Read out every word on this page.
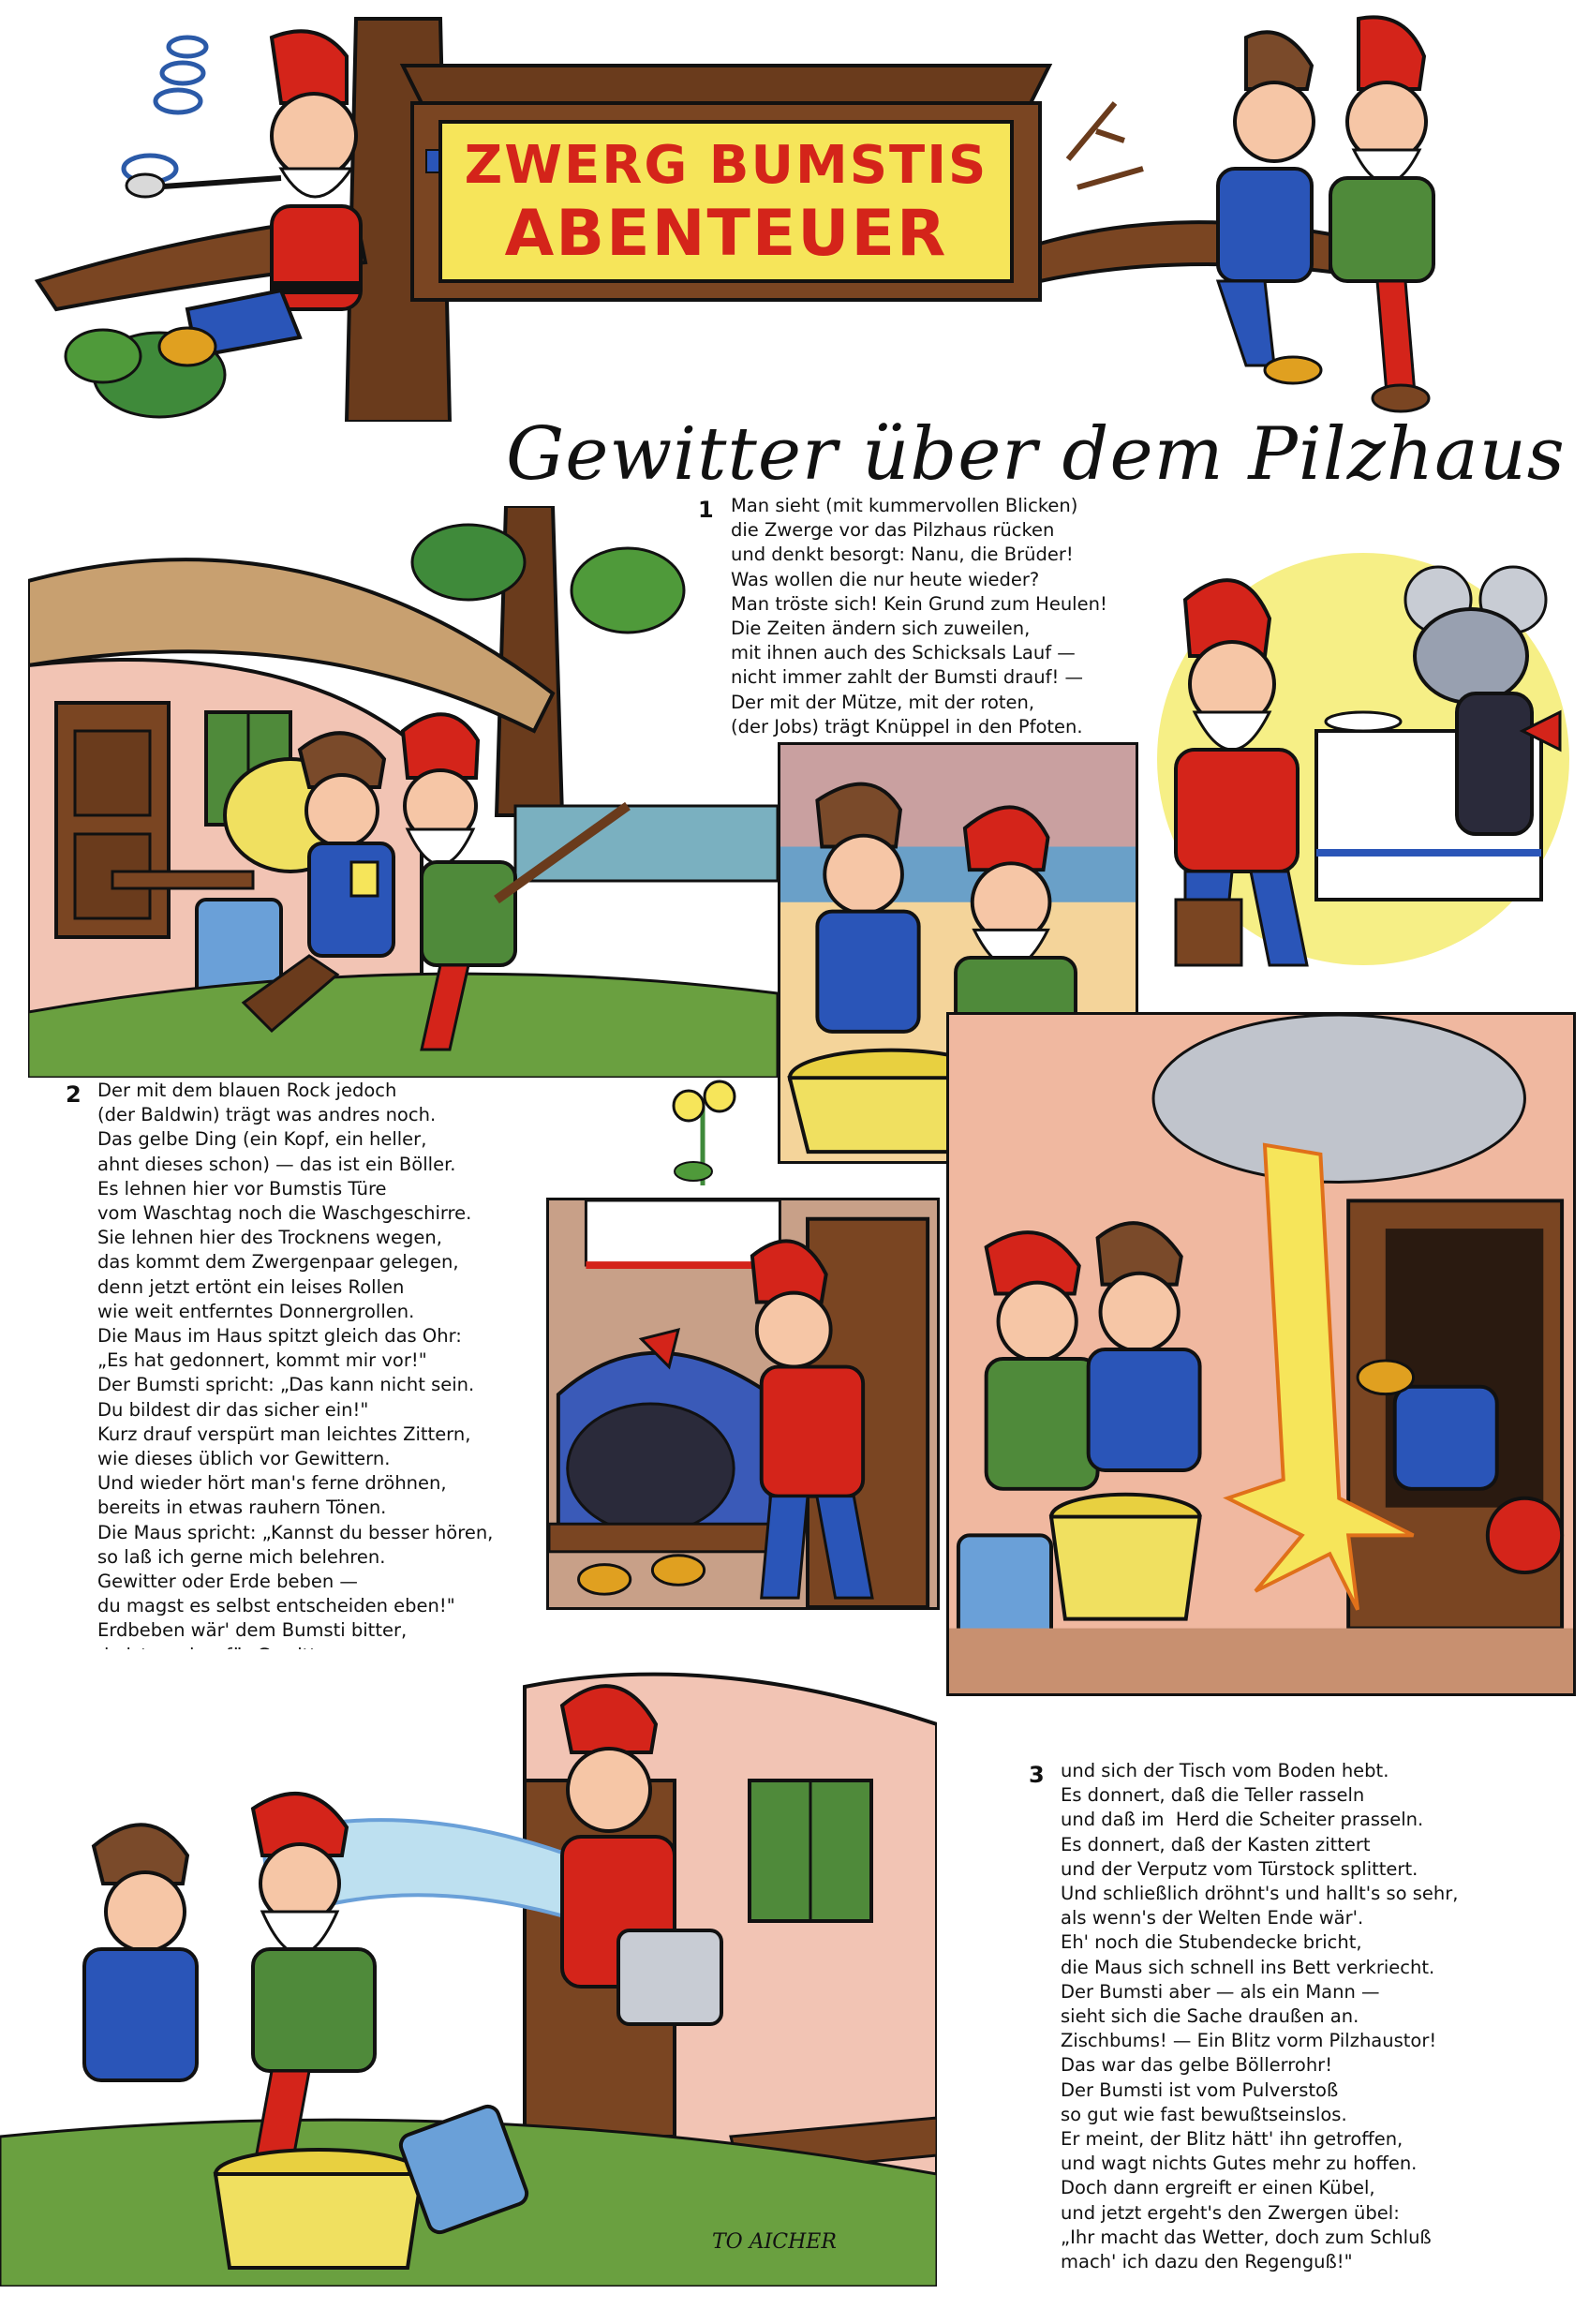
ZWERG BUMSTIS
ABENTEUER
Gewitter über dem Pilzhaus
1 Man sieht (mit kummervollen Blicken)
die Zwerge vor das Pilzhaus rücken
und denkt besorgt: Nanu, die Brüder!
Was wollen die nur heute wieder?
Man tröste sich! Kein Grund zum Heulen!
Die Zeiten ändern sich zuweilen,
mit ihnen auch des Schicksals Lauf —
nicht immer zahlt der Bumsti drauf! —
Der mit der Mütze, mit der roten,
(der Jobs) trägt Knüppel in den Pfoten.
2 Der mit dem blauen Rock jedoch
(der Baldwin) trägt was andres noch.
Das gelbe Ding (ein Kopf, ein heller,
ahnt dieses schon) — das ist ein Böller.
Es lehnen hier vor Bumstis Türe
vom Waschtag noch die Waschgeschirre.
Sie lehnen hier des Trocknens wegen,
das kommt dem Zwergenpaar gelegen,
denn jetzt ertönt ein leises Rollen
wie weit entferntes Donnergrollen.
Die Maus im Haus spitzt gleich das Ohr:
„Es hat gedonnert, kommt mir vor!"
Der Bumsti spricht: „Das kann nicht sein.
Du bildest dir das sicher ein!"
Kurz drauf verspürt man leichtes Zittern,
wie dieses üblich vor Gewittern.
Und wieder hört man's ferne dröhnen,
bereits in etwas rauhern Tönen.
Die Maus spricht: „Kannst du besser hören,
so laß ich gerne mich belehren.
Gewitter oder Erde beben —
du magst es selbst entscheiden eben!"
Erdbeben wär' dem Bumsti bitter,

TO AICHER
3 und sich der Tisch vom Boden hebt.
Es donnert, daß die Teller rasseln
und daß im  Herd die Scheiter prasseln.
Es donnert, daß der Kasten zittert
und der Verputz vom Türstock splittert.
Und schließlich dröhnt's und hallt's so sehr,
als wenn's der Welten Ende wär'.
Eh' noch die Stubendecke bricht,
die Maus sich schnell ins Bett verkriecht.
Der Bumsti aber — als ein Mann —
sieht sich die Sache draußen an.
Zischbums! — Ein Blitz vorm Pilzhaustor!
Das war das gelbe Böllerrohr!
Der Bumsti ist vom Pulverstoß
so gut wie fast bewußtseinslos.
Er meint, der Blitz hätt' ihn getroffen,
und wagt nichts Gutes mehr zu hoffen.
Doch dann ergreift er einen Kübel,
und jetzt ergeht's den Zwergen übel:
„Ihr macht das Wetter, doch zum Schluß
mach' ich dazu den Regenguß!"
